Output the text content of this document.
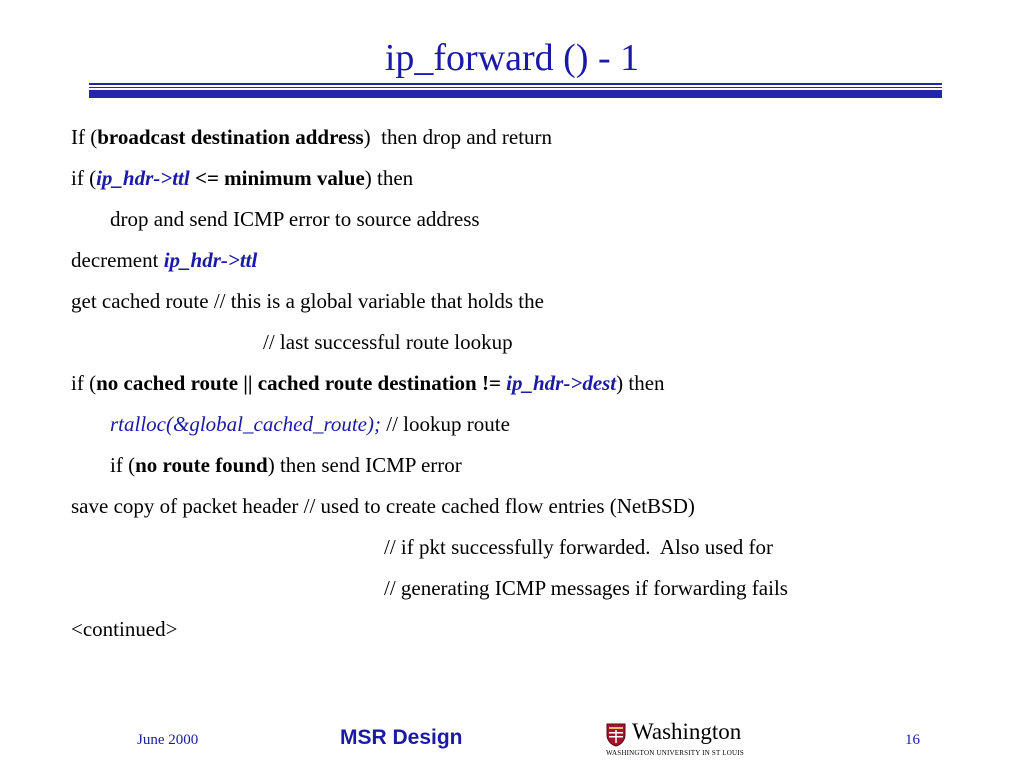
ip_forward () - 1
If (broadcast destination address)  then drop and return
if (ip_hdr->ttl <= minimum value) then
drop and send ICMP error to source address
decrement ip_hdr->ttl
get cached route // this is a global variable that holds the
// last successful route lookup
if (no cached route || cached route destination != ip_hdr->dest) then
rtalloc(&global_cached_route); // lookup route
if (no route found) then send ICMP error
save copy of packet header // used to create cached flow entries (NetBSD)
// if pkt successfully forwarded.  Also used for
// generating ICMP messages if forwarding fails
<continued>
June 2000	MSR Design	Washington
WASHINGTON UNIVERSITY IN ST LOUIS
16
